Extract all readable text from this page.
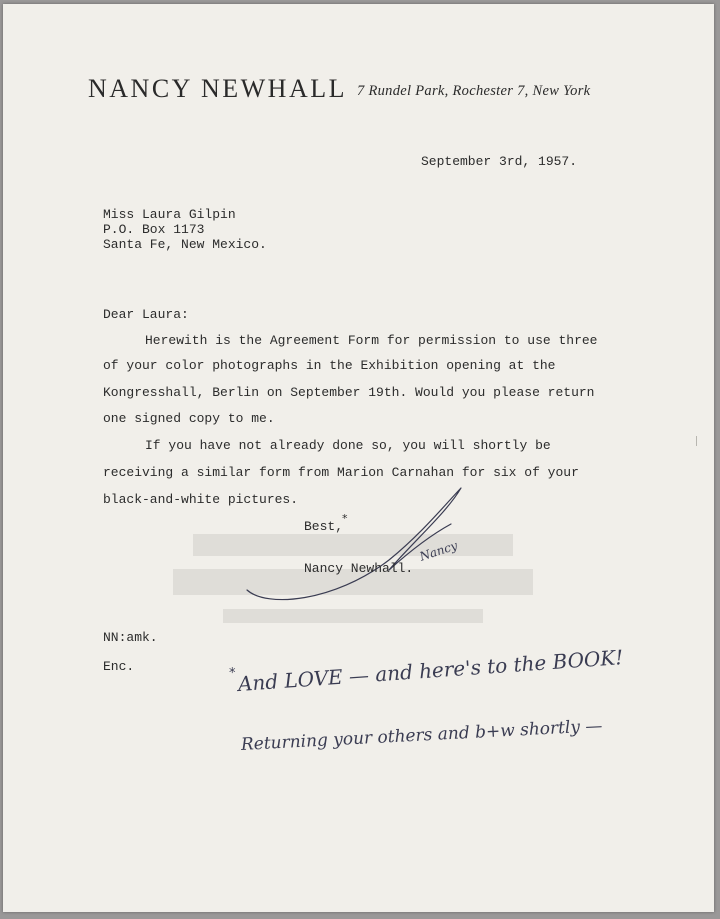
NANCY NEWHALL 7 Rundel Park, Rochester 7, New York

September 3rd, 1957.

Miss Laura Gilpin

P.O. Box 1173

Santa Fe, New Mexico.

Dear Laura:

Herewith is the Agreement Form for permission to use three

of your color photographs in the Exhibition opening at the

Kongresshall, Berlin on September 19th. Would you please return

one signed copy to me.

If you have not already done so, you will shortly be

receiving a similar form from Marion Carnahan for six of your

black-and-white pictures.

Best,

*
Nancy

Nancy Newhall.

NN:amk.

Enc.	* And LOVE — and here's to the BOOK!
Returning your others and b+w shortly —
